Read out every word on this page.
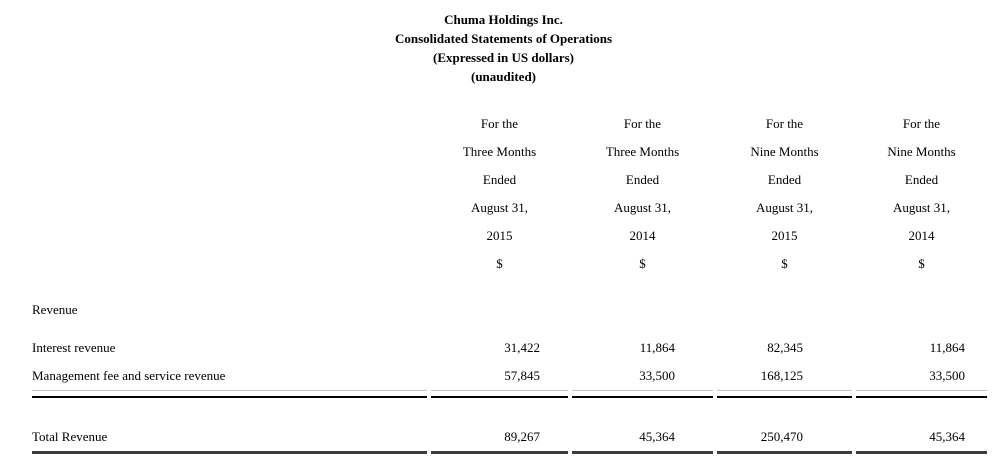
Chuma Holdings Inc.
Consolidated Statements of Operations
(Expressed in US dollars)
(unaudited)
	For the	For the	For the	For the
	Three Months	Three Months	Nine Months	Nine Months
	Ended	Ended	Ended	Ended
	August 31,	August 31,	August 31,	August 31,
	2015	2014	2015	2014
	$	$	$	$

Revenue				

Interest revenue	31,422	11,864	82,345	11,864
Management fee and service revenue	57,845	33,500	168,125	33,500

Total Revenue	89,267	45,364	250,470	45,364
